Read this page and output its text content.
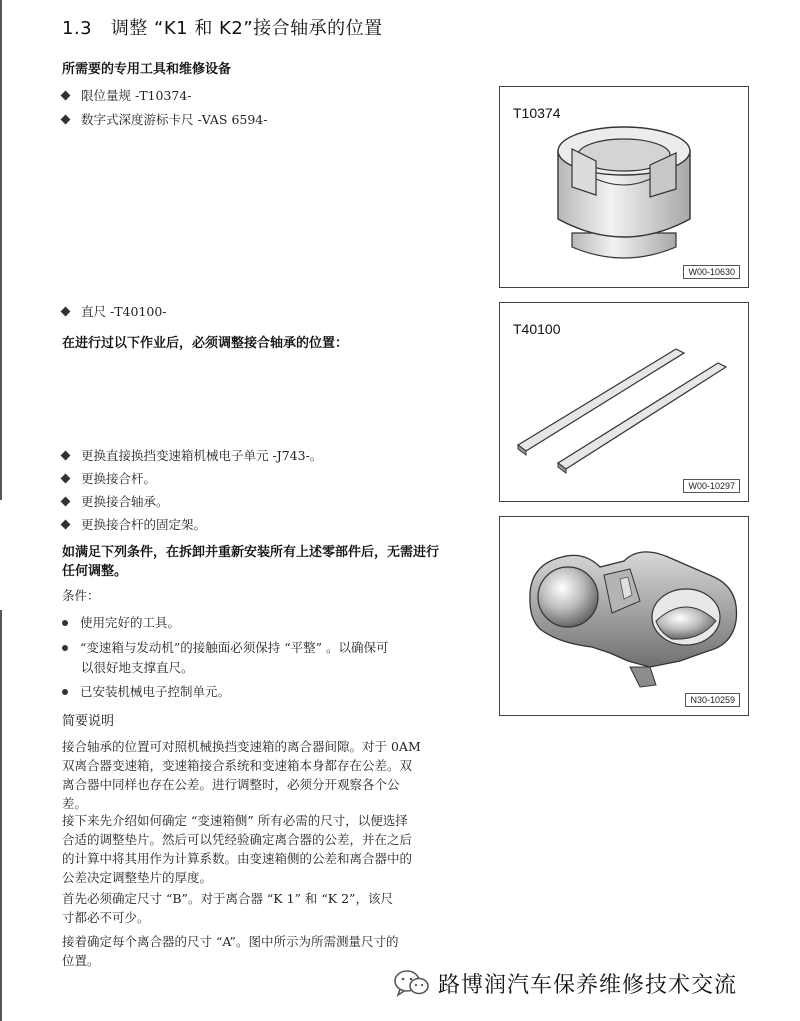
1.3 调整 “K1 和 K2”接合轴承的位置
所需要的专用工具和维修设备
限位量规 -T10374-
数字式深度游标卡尺 -VAS 6594-
直尺 -T40100-
在进行过以下作业后，必须调整接合轴承的位置：
更换直接换挡变速箱机械电子单元 -J743-。
更换接合杆。
更换接合轴承。
更换接合杆的固定架。
如满足下列条件，在拆卸并重新安装所有上述零部件后，无需进行
任何调整。
条件：
使用完好的工具。
“变速箱与发动机”的接触面必须保持 “平整” 。以确保可
以很好地支撑直尺。
已安装机械电子控制单元。
简要说明
接合轴承的位置可对照机械换挡变速箱的离合器间隙。对于 0AM
双离合器变速箱，变速箱接合系统和变速箱本身都存在公差。双
离合器中同样也存在公差。进行调整时，必须分开观察各个公
差。
接下来先介绍如何确定 “变速箱侧” 所有必需的尺寸，以便选择
合适的调整垫片。然后可以凭经验确定离合器的公差，并在之后
的计算中将其用作为计算系数。由变速箱侧的公差和离合器中的
公差决定调整垫片的厚度。
首先必须确定尺寸 “B”。对于离合器 “K 1” 和 “K 2”，该尺
寸都必不可少。
接着确定每个离合器的尺寸 “A”。图中所示为所需测量尺寸的
位置。
T10374
W00-10630
T40100
W00-10297
N30-10259
路博润汽车保养维修技术交流
